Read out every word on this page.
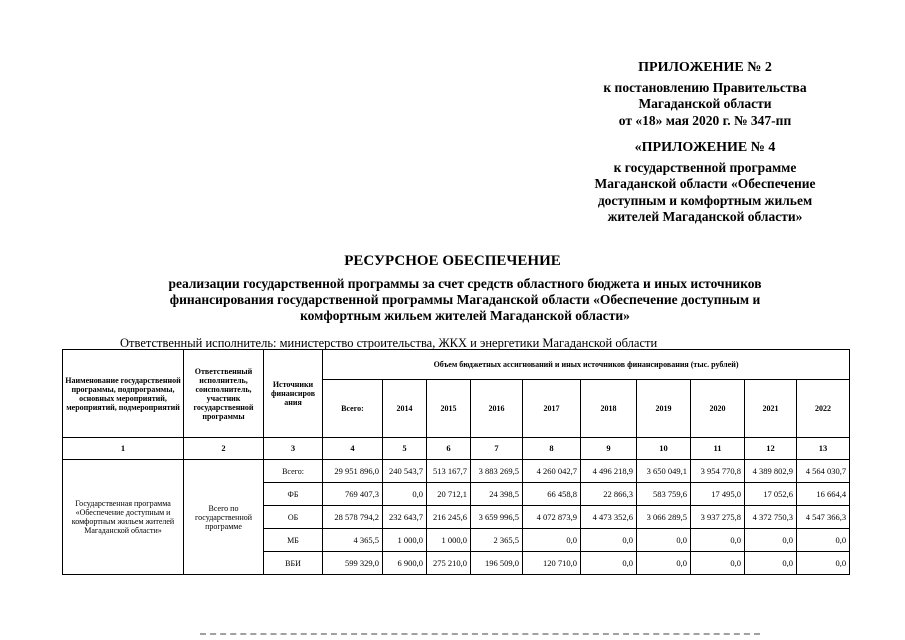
ПРИЛОЖЕНИЕ № 2
к постановлению Правительства
Магаданской области
от «18» мая 2020 г. № 347-пп
«ПРИЛОЖЕНИЕ № 4
к государственной программе
Магаданской области «Обеспечение
доступным и комфортным жильем
жителей Магаданской области»
РЕСУРСНОЕ ОБЕСПЕЧЕНИЕ
реализации государственной программы за счет средств областного бюджета и иных источников
финансирования государственной программы Магаданской области «Обеспечение доступным и
комфортным жильем жителей Магаданской области»
Ответственный исполнитель: министерство строительства, ЖКХ и энергетики Магаданской области
Наименование государственной программы, подпрограммы, основных мероприятий, мероприятий, подмероприятий	Ответственный исполнитель, соисполнитель, участник государственной программы	Источники финансиров ания	Объем бюджетных ассигнований и иных источников финансирования (тыс. рублей)									
			Всего:	2014	2015	2016	2017	2018	2019	2020	2021	2022
1	2	3	4	5	6	7	8	9	10	11	12	13
Государственная программа «Обеспечение доступным и комфортным жильем жителей Магаданской области»	Всего по государственной программе	Всего:	29 951 896,0	240 543,7	513 167,7	3 883 269,5	4 260 042,7	4 496 218,9	3 650 049,1	3 954 770,8	4 389 802,9	4 564 030,7
		ФБ	769 407,3	0,0	20 712,1	24 398,5	66 458,8	22 866,3	583 759,6	17 495,0	17 052,6	16 664,4
		ОБ	28 578 794,2	232 643,7	216 245,6	3 659 996,5	4 072 873,9	4 473 352,6	3 066 289,5	3 937 275,8	4 372 750,3	4 547 366,3
		МБ	4 365,5	1 000,0	1 000,0	2 365,5	0,0	0,0	0,0	0,0	0,0	0,0
		ВБИ	599 329,0	6 900,0	275 210,0	196 509,0	120 710,0	0,0	0,0	0,0	0,0	0,0
